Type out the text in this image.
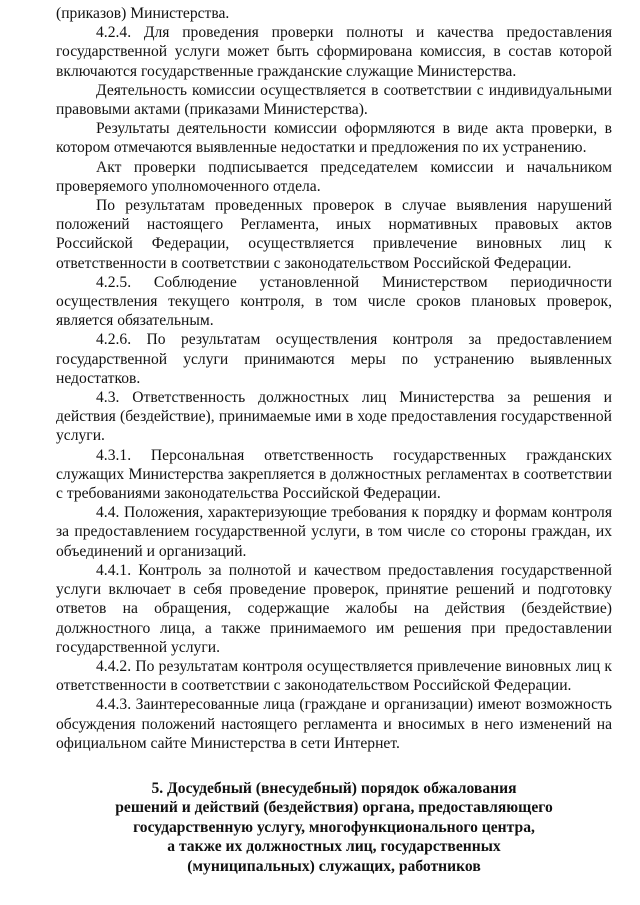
(приказов) Министерства.

4.2.4. Для проведения проверки полноты и качества предоставления государственной услуги может быть сформирована комиссия, в состав которой включаются государственные гражданские служащие Министерства.

Деятельность комиссии осуществляется в соответствии с индивидуальными правовыми актами (приказами Министерства).

Результаты деятельности комиссии оформляются в виде акта проверки, в котором отмечаются выявленные недостатки и предложения по их устранению.

Акт проверки подписывается председателем комиссии и начальником проверяемого уполномоченного отдела.

По результатам проведенных проверок в случае выявления нарушений положений настоящего Регламента, иных нормативных правовых актов Российской Федерации, осуществляется привлечение виновных лиц к ответственности в соответствии с законодательством Российской Федерации.

4.2.5. Соблюдение установленной Министерством периодичности осуществления текущего контроля, в том числе сроков плановых проверок, является обязательным.

4.2.6. По результатам осуществления контроля за предоставлением государственной услуги принимаются меры по устранению выявленных недостатков.

4.3. Ответственность должностных лиц Министерства за решения и действия (бездействие), принимаемые ими в ходе предоставления государственной услуги.

4.3.1. Персональная ответственность государственных гражданских служащих Министерства закрепляется в должностных регламентах в соответствии с требованиями законодательства Российской Федерации.

4.4. Положения, характеризующие требования к порядку и формам контроля за предоставлением государственной услуги, в том числе со стороны граждан, их объединений и организаций.

4.4.1. Контроль за полнотой и качеством предоставления государственной услуги включает в себя проведение проверок, принятие решений и подготовку ответов на обращения, содержащие жалобы на действия (бездействие) должностного лица, а также принимаемого им решения при предоставлении государственной услуги.

4.4.2. По результатам контроля осуществляется привлечение виновных лиц к ответственности в соответствии с законодательством Российской Федерации.

4.4.3. Заинтересованные лица (граждане и организации) имеют возможность обсуждения положений настоящего регламента и вносимых в него изменений на официальном сайте Министерства в сети Интернет.

5. Досудебный (внесудебный) порядок обжалования
решений и действий (бездействия) органа, предоставляющего
государственную услугу, многофункционального центра,
а также их должностных лиц, государственных
(муниципальных) служащих, работников
